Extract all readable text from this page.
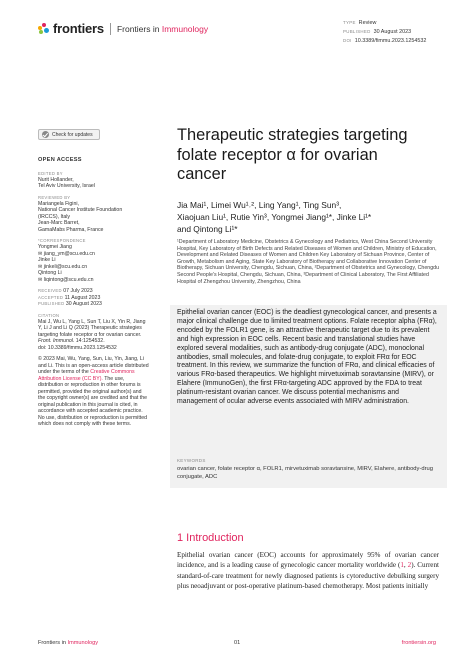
frontiers Frontiers in Immunology
TYPE Review
PUBLISHED 30 August 2023
DOI 10.3389/fimmu.2023.1254532
Check for updates
OPEN ACCESS
EDITED BY
Nurit Hollander,
Tel Aviv University, Israel
REVIEWED BY
Mariangela Figini,
National Cancer Institute Foundation
(IRCCS), Italy
Jean-Marc Barret,
GamaMabs Pharma, France
*CORRESPONDENCE
Yongmei Jiang
✉ jiang_ym@scu.edu.cn
Jinke Li
✉ jinkeli@scu.edu.cn
Qintong Li
✉ liqintong@scu.edu.cn
RECEIVED 07 July 2023
ACCEPTED 11 August 2023
PUBLISHED 30 August 2023
CITATION
Mai J, Wu L, Yang L, Sun T, Liu X, Yin R, Jiang Y, Li J and Li Q (2023) Therapeutic strategies targeting folate receptor α for ovarian cancer. Front. Immunol. 14:1254532.
doi: 10.3389/fimmu.2023.1254532
© 2023 Mai, Wu, Yang, Sun, Liu, Yin, Jiang, Li and Li. This is an open-access article distributed under the terms of the Creative Commons Attribution License (CC BY). The use, distribution or reproduction in other forums is permitted, provided the original author(s) and the copyright owner(s) are credited and that the original publication in this journal is cited, in accordance with accepted academic practice. No use, distribution or reproduction is permitted which does not comply with these terms.
Therapeutic strategies targeting folate receptor α for ovarian cancer
Jia Mai¹, Limei Wu¹˒², Ling Yang¹, Ting Sun³,
Xiaojuan Liu¹, Rutie Yin³, Yongmei Jiang¹*, Jinke Li¹*
and Qintong Li¹*
¹Department of Laboratory Medicine, Obstetrics & Gynecology and Pediatrics, West China Second University Hospital, Key Laboratory of Birth Defects and Related Diseases of Women and Children, Ministry of Education, Development and Related Diseases of Women and Children Key Laboratory of Sichuan Province, Center of Growth, Metabolism and Aging, State Key Laboratory of Biotherapy and Collaborative Innovation Center of Biotherapy, Sichuan University, Chengdu, Sichuan, China, ²Department of Obstetrics and Gynecology, Chengdu Second People's Hospital, Chengdu, Sichuan, China, ³Department of Clinical Laboratory, The First Affiliated Hospital of Zhengzhou University, Zhengzhou, China
Epithelial ovarian cancer (EOC) is the deadliest gynecological cancer, and presents a major clinical challenge due to limited treatment options. Folate receptor alpha (FRα), encoded by the FOLR1 gene, is an attractive therapeutic target due to its prevalent and high expression in EOC cells. Recent basic and translational studies have explored several modalities, such as antibody-drug conjugate (ADC), monoclonal antibodies, small molecules, and folate-drug conjugate, to exploit FRα for EOC treatment. In this review, we summarize the function of FRα, and clinical efficacies of various FRα-based therapeutics. We highlight mirvetuximab soravtansine (MIRV), or Elahere (ImmunoGen), the first FRα-targeting ADC approved by the FDA to treat platinum-resistant ovarian cancer. We discuss potential mechanisms and management of ocular adverse events associated with MIRV administration.
KEYWORDS
ovarian cancer, folate receptor α, FOLR1, mirvetuximab soravtansine, MIRV, Elahere, antibody-drug conjugate, ADC
1 Introduction
Epithelial ovarian cancer (EOC) accounts for approximately 95% of ovarian cancer incidence, and is a leading cause of gynecologic cancer mortality worldwide (1, 2). Current standard-of-care treatment for newly diagnosed patients is cytoreductive debulking surgery plus neoadjuvant or post-operative platinum-based chemotherapy. Most patients initially
Frontiers in Immunology	01	frontiersin.org
